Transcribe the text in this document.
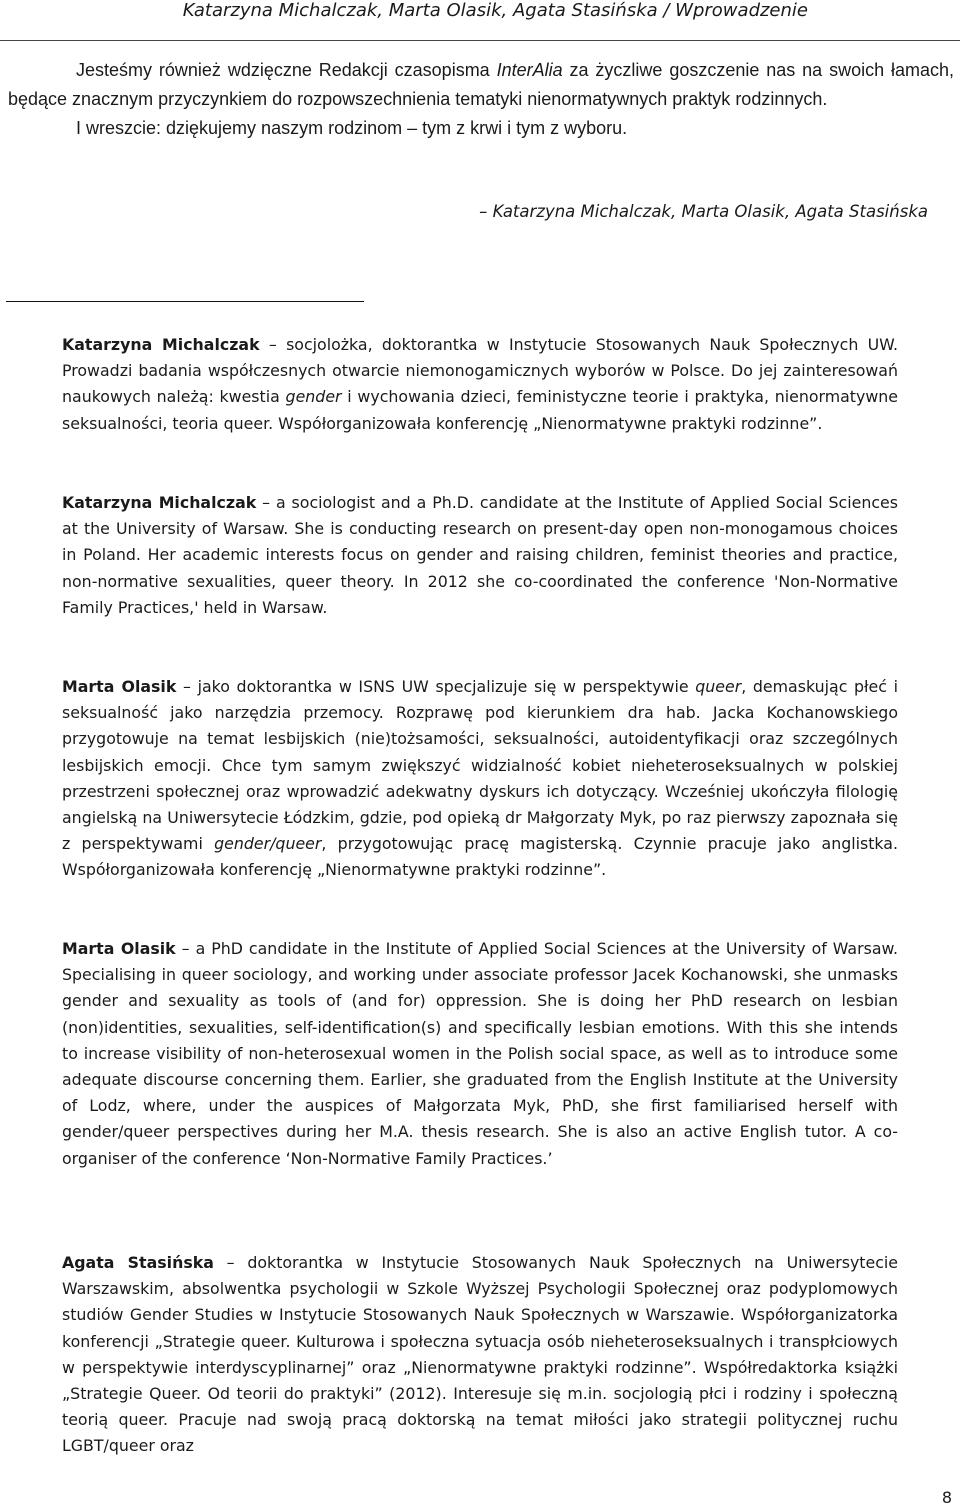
Katarzyna Michalczak, Marta Olasik, Agata Stasińska / Wprowadzenie

Jesteśmy również wdzięczne Redakcji czasopisma InterAlia za życzliwe goszczenie nas na swoich łamach, będące znacznym przyczynkiem do rozpowszechnienia tematyki nienormatywnych praktyk rodzinnych.

I wreszcie: dziękujemy naszym rodzinom – tym z krwi i tym z wyboru.

– Katarzyna Michalczak, Marta Olasik, Agata Stasińska

Katarzyna Michalczak – socjolożka, doktorantka w Instytucie Stosowanych Nauk Społecznych UW. Prowadzi badania współczesnych otwarcie niemonogamicznych wyborów w Polsce. Do jej zainteresowań naukowych należą: kwestia gender i wychowania dzieci, feministyczne teorie i praktyka, nienormatywne seksualności, teoria queer. Współorganizowała konferencję „Nienormatywne praktyki rodzinne”.

Katarzyna Michalczak – a sociologist and a Ph.D. candidate at the Institute of Applied Social Sciences at the University of Warsaw. She is conducting research on present-day open non-monogamous choices in Poland. Her academic interests focus on gender and raising children, feminist theories and practice, non-normative sexualities, queer theory. In 2012 she co-coordinated the conference 'Non-Normative Family Practices,' held in Warsaw.

Marta Olasik – jako doktorantka w ISNS UW specjalizuje się w perspektywie queer, demaskując płeć i seksualność jako narzędzia przemocy. Rozprawę pod kierunkiem dra hab. Jacka Kochanowskiego przygotowuje na temat lesbijskich (nie)tożsamości, seksualności, autoidentyfikacji oraz szczególnych lesbijskich emocji. Chce tym samym zwiększyć widzialność kobiet nieheteroseksualnych w polskiej przestrzeni społecznej oraz wprowadzić adekwatny dyskurs ich dotyczący. Wcześniej ukończyła filologię angielską na Uniwersytecie Łódzkim, gdzie, pod opieką dr Małgorzaty Myk, po raz pierwszy zapoznała się z perspektywami gender/queer, przygotowując pracę magisterską. Czynnie pracuje jako anglistka. Współorganizowała konferencję „Nienormatywne praktyki rodzinne”.

Marta Olasik – a PhD candidate in the Institute of Applied Social Sciences at the University of Warsaw. Specialising in queer sociology, and working under associate professor Jacek Kochanowski, she unmasks gender and sexuality as tools of (and for) oppression. She is doing her PhD research on lesbian (non)identities, sexualities, self-identification(s) and specifically lesbian emotions. With this she intends to increase visibility of non-heterosexual women in the Polish social space, as well as to introduce some adequate discourse concerning them. Earlier, she graduated from the English Institute at the University of Lodz, where, under the auspices of Małgorzata Myk, PhD, she first familiarised herself with gender/queer perspectives during her M.A. thesis research. She is also an active English tutor. A co-organiser of the conference ‘Non-Normative Family Practices.’

Agata Stasińska – doktorantka w Instytucie Stosowanych Nauk Społecznych na Uniwersytecie Warszawskim, absolwentka psychologii w Szkole Wyższej Psychologii Społecznej oraz podyplomowych studiów Gender Studies w Instytucie Stosowanych Nauk Społecznych w Warszawie. Współorganizatorka konferencji „Strategie queer. Kulturowa i społeczna sytuacja osób nieheteroseksualnych i transpłciowych w perspektywie interdyscyplinarnej” oraz „Nienormatywne praktyki rodzinne”. Współredaktorka książki „Strategie Queer. Od teorii do praktyki” (2012). Interesuje się m.in. socjologią płci i rodziny i społeczną teorią queer. Pracuje nad swoją pracą doktorską na temat miłości jako strategii politycznej ruchu LGBT/queer oraz

8
